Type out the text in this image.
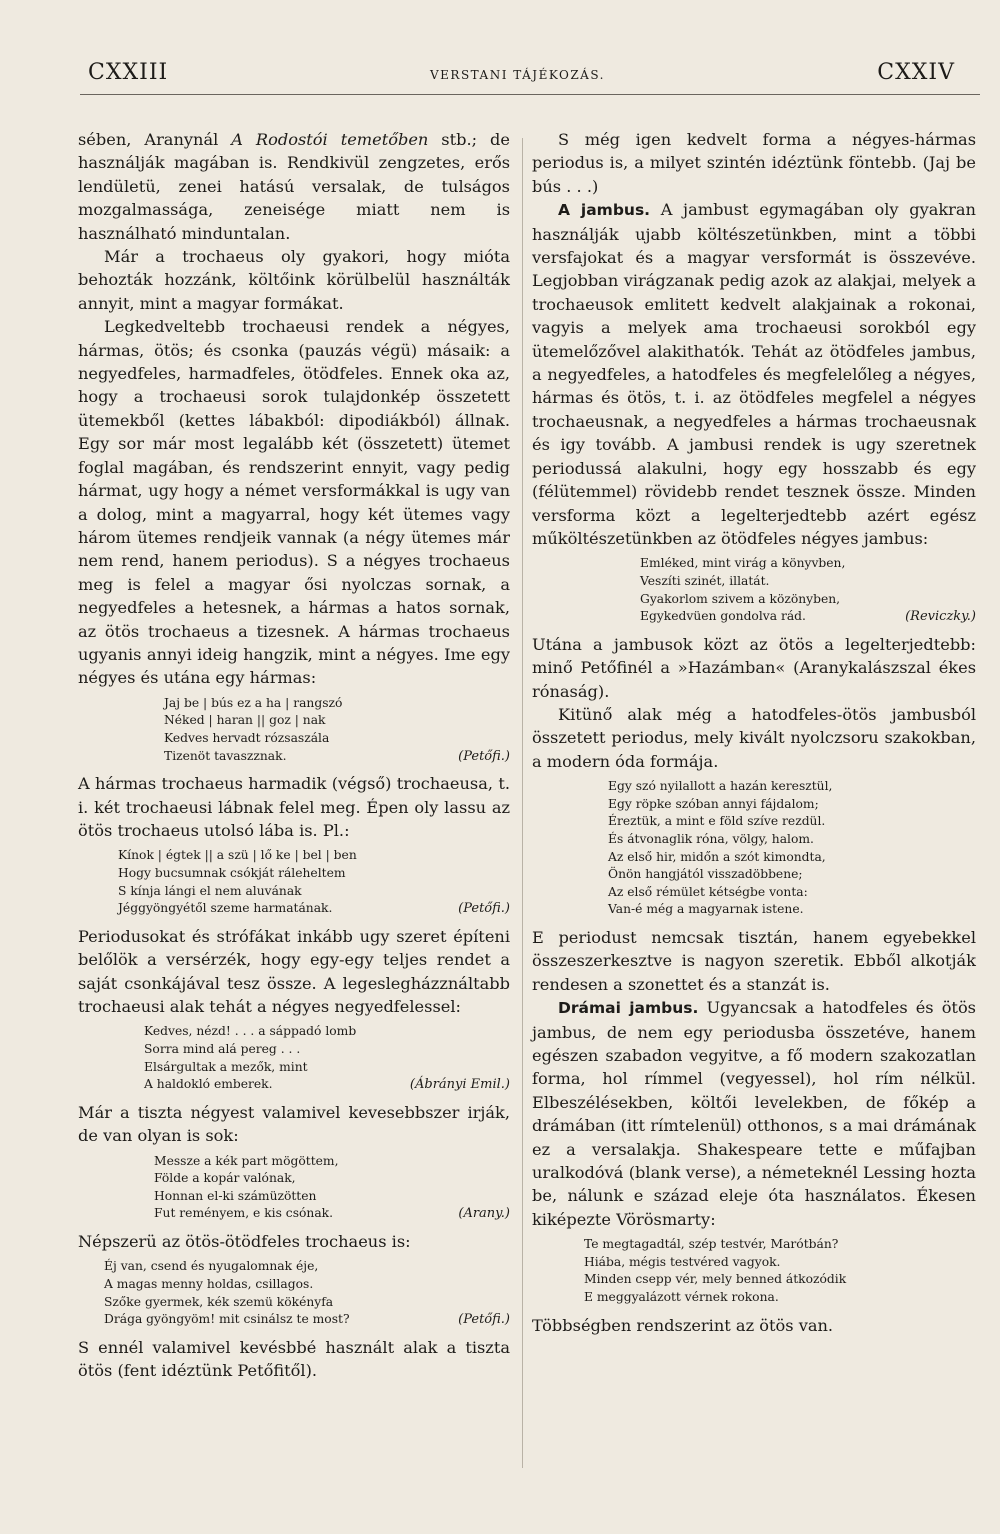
CXXIII	VERSTANI TÁJÉKOZÁS.	CXXIV

sében, Aranynál A Rodostói temetőben stb.; de használják magában is. Rendkivül zengzetes, erős lendületü, zenei hatású versalak, de tulságos mozgalmassága, zeneisége miatt nem is használható minduntalan.

Már a trochaeus oly gyakori, hogy mióta behozták hozzánk, költőink körülbelül használták annyit, mint a magyar formákat.

Legkedveltebb trochaeusi rendek a négyes, hármas, ötös; és csonka (pauzás végü) másaik: a negyedfeles, harmadfeles, ötödfeles. Ennek oka az, hogy a trochaeusi sorok tulajdonkép összetett ütemekből (kettes lábakból: dipodiákból) állnak. Egy sor már most legalább két (összetett) ütemet foglal magában, és rendszerint ennyit, vagy pedig hármat, ugy hogy a német versformákkal is ugy van a dolog, mint a magyarral, hogy két ütemes vagy három ütemes rendjeik vannak (a négy ütemes már nem rend, hanem periodus). S a négyes trochaeus meg is felel a magyar ősi nyolczas sornak, a negyedfeles a hetesnek, a hármas a hatos sornak, az ötös trochaeus a tizesnek. A hármas trochaeus ugyanis annyi ideig hangzik, mint a négyes. Ime egy négyes és utána egy hármas:

Jaj be | bús ez a ha | rangszó
Néked | haran || goz | nak
Kedves hervadt rózsaszála
Tizenöt tavaszznak.	(Petőfi.)

A hármas trochaeus harmadik (végső) trochaeusa, t. i. két trochaeusi lábnak felel meg. Épen oly lassu az ötös trochaeus utolsó lába is. Pl.:

Kínok | égtek || a szü | lő ke | bel | ben
Hogy bucsumnak csókját ráleheltem
S kínja lángi el nem aluvának
Jéggyöngyétől szeme harmatának.	(Petőfi.)

Periodusokat és strófákat inkább ugy szeret építeni belőlök a versérzék, hogy egy-egy teljes rendet a saját csonkájával tesz össze. A legeslegházználtabb trochaeusi alak tehát a négyes negyedfelessel:

Kedves, nézd! . . . a sáppadó lomb
Sorra mind alá pereg . . .
Elsárgultak a mezők, mint
A haldokló emberek.	(Ábrányi Emil.)

Már a tiszta négyest valamivel kevesebbszer irják, de van olyan is sok:

Messze a kék part mögöttem,
Földe a kopár valónak,
Honnan el-ki számüzötten
Fut reményem, e kis csónak.	(Arany.)

Népszerü az ötös-ötödfeles trochaeus is:

Éj van, csend és nyugalomnak éje,
A magas menny holdas, csillagos.
Szőke gyermek, kék szemü kökényfa
Drága gyöngyöm! mit csinálsz te most?	(Petőfi.)

S ennél valamivel kevésbbé használt alak a tiszta ötös (fent idéztünk Petőfitől).

S még igen kedvelt forma a négyes-hármas periodus is, a milyet szintén idéztünk föntebb. (Jaj be bús . . .)

A jambus. A jambust egymagában oly gyakran használják ujabb költészetünkben, mint a többi versfajokat és a magyar versformát is összevéve. Legjobban virágzanak pedig azok az alakjai, melyek a trochaeusok emlitett kedvelt alakjainak a rokonai, vagyis a melyek ama trochaeusi sorokból egy ütemelőzővel alakithatók. Tehát az ötödfeles jambus, a negyedfeles, a hatodfeles és megfelelőleg a négyes, hármas és ötös, t. i. az ötödfeles megfelel a négyes trochaeusnak, a negyedfeles a hármas trochaeusnak és igy tovább. A jambusi rendek is ugy szeretnek periodussá alakulni, hogy egy hosszabb és egy (félütemmel) rövidebb rendet tesznek össze. Minden versforma közt a legelterjedtebb azért egész műköltészetünkben az ötödfeles négyes jambus:

Emléked, mint virág a könyvben,
Veszíti szinét, illatát.
Gyakorlom szivem a közönyben,
Egykedvüen gondolva rád.	(Reviczky.)

Utána a jambusok közt az ötös a legelterjedtebb: minő Petőfinél a »Hazámban« (Aranykalászszal ékes rónaság).

Kitünő alak még a hatodfeles-ötös jambusból összetett periodus, mely kivált nyolczsoru szakokban, a modern óda formája.

Egy szó nyilallott a hazán keresztül,
Egy röpke szóban annyi fájdalom;
Éreztük, a mint e föld szíve rezdül.
És átvonaglik róna, völgy, halom.
Az első hir, midőn a szót kimondta,
Önön hangjától visszadöbbene;
Az első rémület kétségbe vonta:
Van-é még a magyarnak istene.

E periodust nemcsak tisztán, hanem egyebekkel összeszerkesztve is nagyon szeretik. Ebből alkotják rendesen a szonettet és a stanzát is.

Drámai jambus. Ugyancsak a hatodfeles és ötös jambus, de nem egy periodusba összetéve, hanem egészen szabadon vegyitve, a fő modern szakozatlan forma, hol rímmel (vegyessel), hol rím nélkül. Elbeszélésekben, költői levelekben, de főkép a drámában (itt rímtelenül) otthonos, s a mai drámának ez a versalakja. Shakespeare tette e műfajban uralkodóvá (blank verse), a németeknél Lessing hozta be, nálunk e század eleje óta használatos. Ékesen kiképezte Vörösmarty:

Te megtagadtál, szép testvér, Marótbán?
Hiába, mégis testvéred vagyok.
Minden csepp vér, mely benned átkozódik
E meggyalázott vérnek rokona.

Többségben rendszerint az ötös van.
